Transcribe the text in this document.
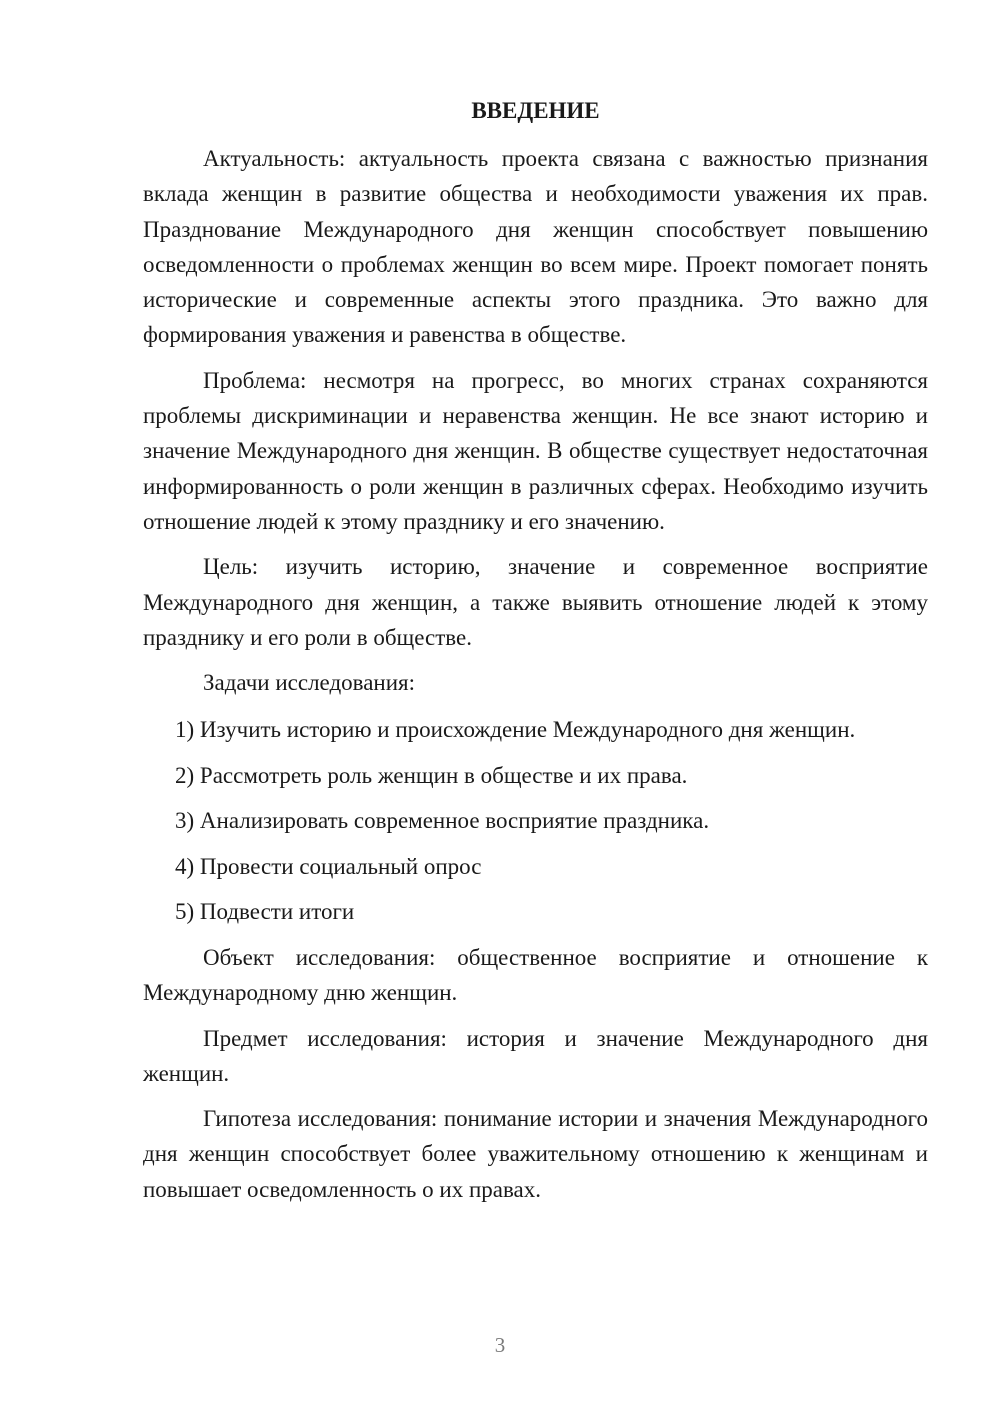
ВВЕДЕНИЕ

Актуальность: актуальность проекта связана с важностью признания вклада женщин в развитие общества и необходимости уважения их прав. Празднование Международного дня женщин способствует повышению осведомленности о проблемах женщин во всем мире. Проект помогает понять исторические и современные аспекты этого праздника. Это важно для формирования уважения и равенства в обществе.

Проблема: несмотря на прогресс, во многих странах сохраняются проблемы дискриминации и неравенства женщин. Не все знают историю и значение Международного дня женщин. В обществе существует недостаточная информированность о роли женщин в различных сферах. Необходимо изучить отношение людей к этому празднику и его значению.

Цель: изучить историю, значение и современное восприятие Международного дня женщин, а также выявить отношение людей к этому празднику и его роли в обществе.

Задачи исследования:

1) Изучить историю и происхождение Международного дня женщин.
2) Рассмотреть роль женщин в обществе и их права.
3) Анализировать современное восприятие праздника.
4) Провести социальный опрос
5) Подвести итоги

Объект исследования: общественное восприятие и отношение к Международному дню женщин.

Предмет исследования: история и значение Международного дня женщин.

Гипотеза исследования: понимание истории и значения Международного дня женщин способствует более уважительному отношению к женщинам и повышает осведомленность о их правах.

3
